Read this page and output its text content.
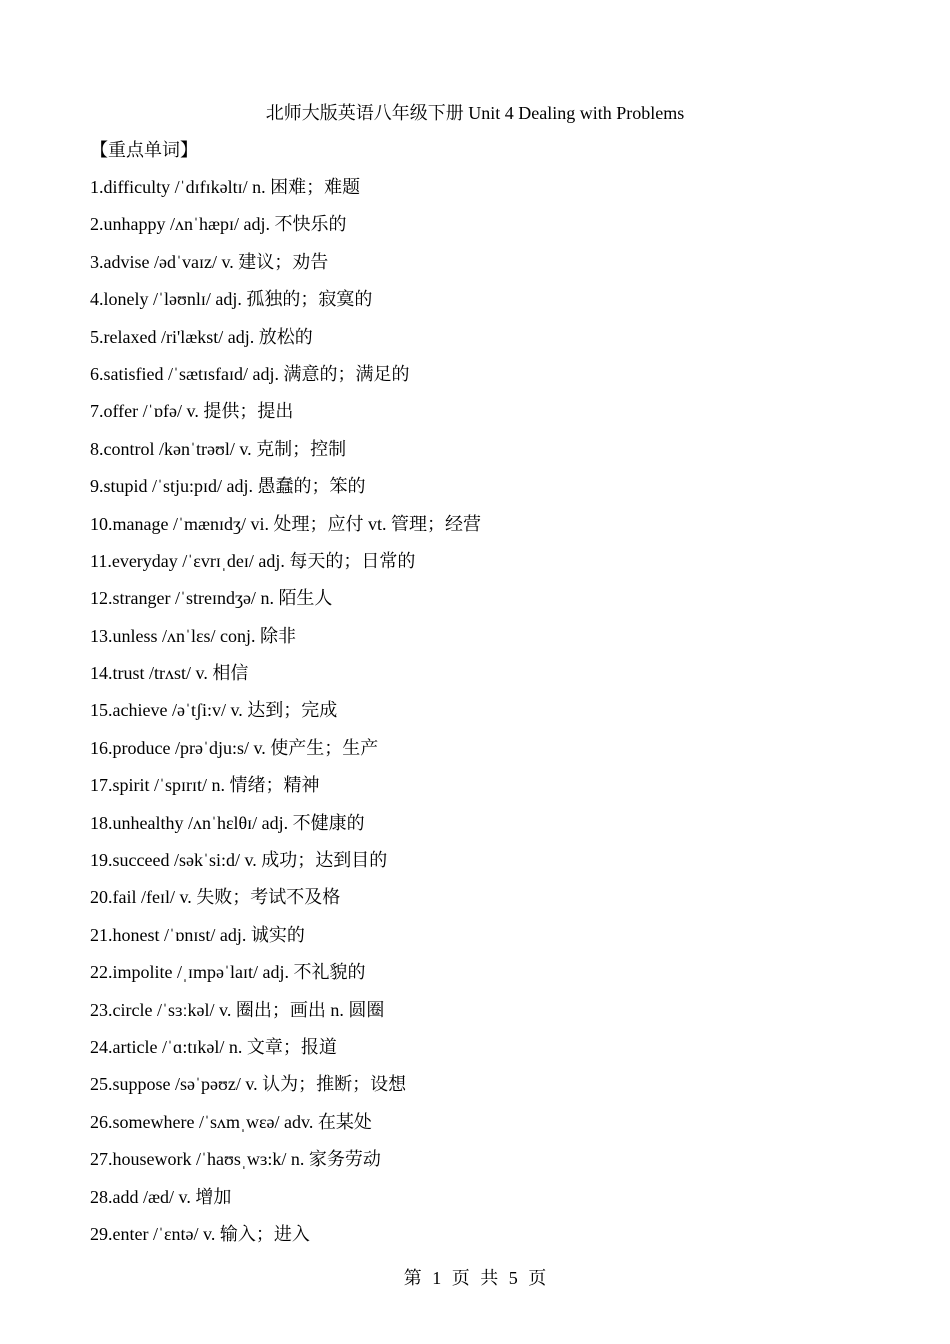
北师大版英语八年级下册 Unit 4 Dealing with Problems
【重点单词】
1.difficulty /ˈdɪfɪkəltɪ/ n. 困难；难题
2.unhappy /ʌnˈhæpɪ/ adj. 不快乐的
3.advise /ədˈvaɪz/ v. 建议；劝告
4.lonely /ˈləʊnlɪ/ adj. 孤独的；寂寞的
5.relaxed /ri'lækst/ adj. 放松的
6.satisfied /ˈsætɪsfaɪd/ adj. 满意的；满足的
7.offer /ˈɒfə/ v. 提供；提出
8.control /kənˈtrəʊl/ v. 克制；控制
9.stupid /ˈstju:pɪd/ adj. 愚蠢的；笨的
10.manage /ˈmænɪdʒ/ vi. 处理；应付 vt. 管理；经营
11.everyday /ˈɛvrɪˌdeɪ/ adj. 每天的；日常的
12.stranger /ˈstreɪndʒə/ n. 陌生人
13.unless /ʌnˈlɛs/ conj. 除非
14.trust /trʌst/ v. 相信
15.achieve /əˈtʃi:v/ v. 达到；完成
16.produce /prəˈdju:s/ v. 使产生；生产
17.spirit /ˈspɪrɪt/ n. 情绪；精神
18.unhealthy /ʌnˈhɛlθɪ/ adj. 不健康的
19.succeed /səkˈsi:d/ v. 成功；达到目的
20.fail /feɪl/ v. 失败；考试不及格
21.honest /ˈɒnɪst/ adj. 诚实的
22.impolite /ˌɪmpəˈlaɪt/ adj. 不礼貌的
23.circle /ˈsɜːkəl/ v. 圈出；画出 n. 圆圈
24.article /ˈɑ:tɪkəl/ n. 文章；报道
25.suppose /səˈpəʊz/ v. 认为；推断；设想
26.somewhere /ˈsʌmˌwɛə/ adv. 在某处
27.housework /ˈhaʊsˌwɜ:k/ n. 家务劳动
28.add /æd/ v. 增加
29.enter /ˈɛntə/ v. 输入；进入
第 1 页 共 5 页
